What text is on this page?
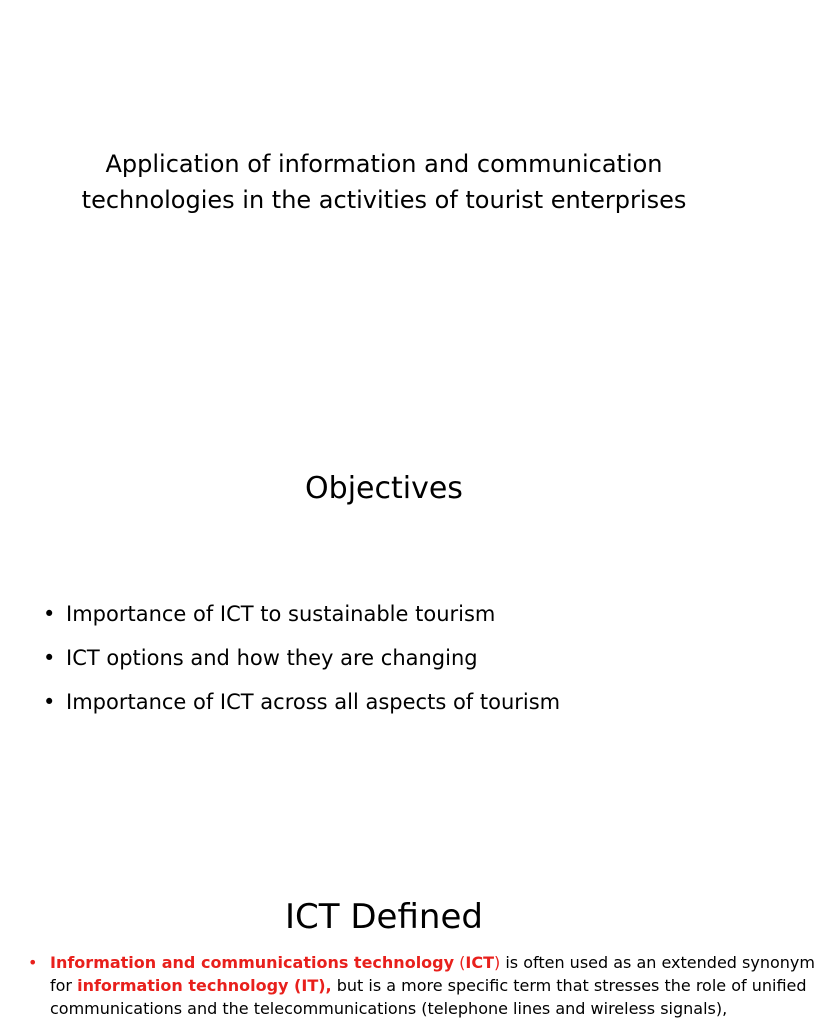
Application of information and communication
technologies in the activities of tourist enterprises
Objectives
• Importance of ICT to sustainable tourism
• ICT options and how they are changing
• Importance of ICT across all aspects of tourism
ICT Defined
• Information and communications technology (ICT) is often used as an extended synonym
for information technology (IT), but is a more specific term that stresses the role of unified
communications and the telecommunications (telephone lines and wireless signals),
